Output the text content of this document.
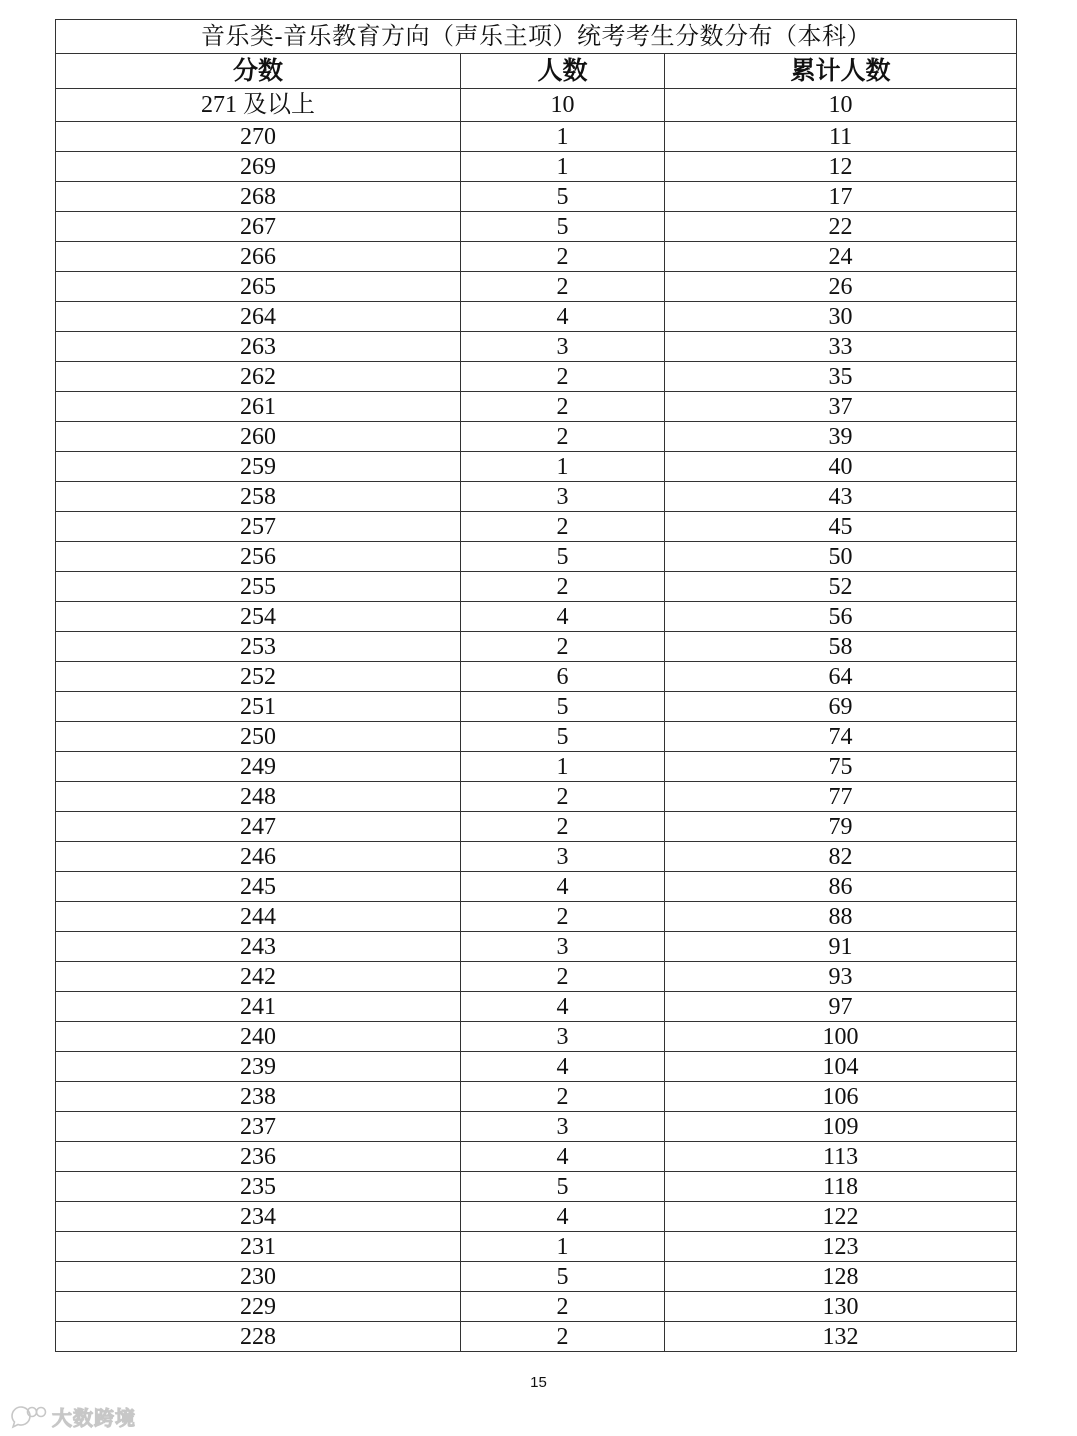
音乐类-音乐教育方向（声乐主项）统考考生分数分布（本科）		
分数	人数	累计人数
271 及以上	10	10
270	1	11
269	1	12
268	5	17
267	5	22
266	2	24
265	2	26
264	4	30
263	3	33
262	2	35
261	2	37
260	2	39
259	1	40
258	3	43
257	2	45
256	5	50
255	2	52
254	4	56
253	2	58
252	6	64
251	5	69
250	5	74
249	1	75
248	2	77
247	2	79
246	3	82
245	4	86
244	2	88
243	3	91
242	2	93
241	4	97
240	3	100
239	4	104
238	2	106
237	3	109
236	4	113
235	5	118
234	4	122
231	1	123
230	5	128
229	2	130
228	2	132
15
大数跨境
